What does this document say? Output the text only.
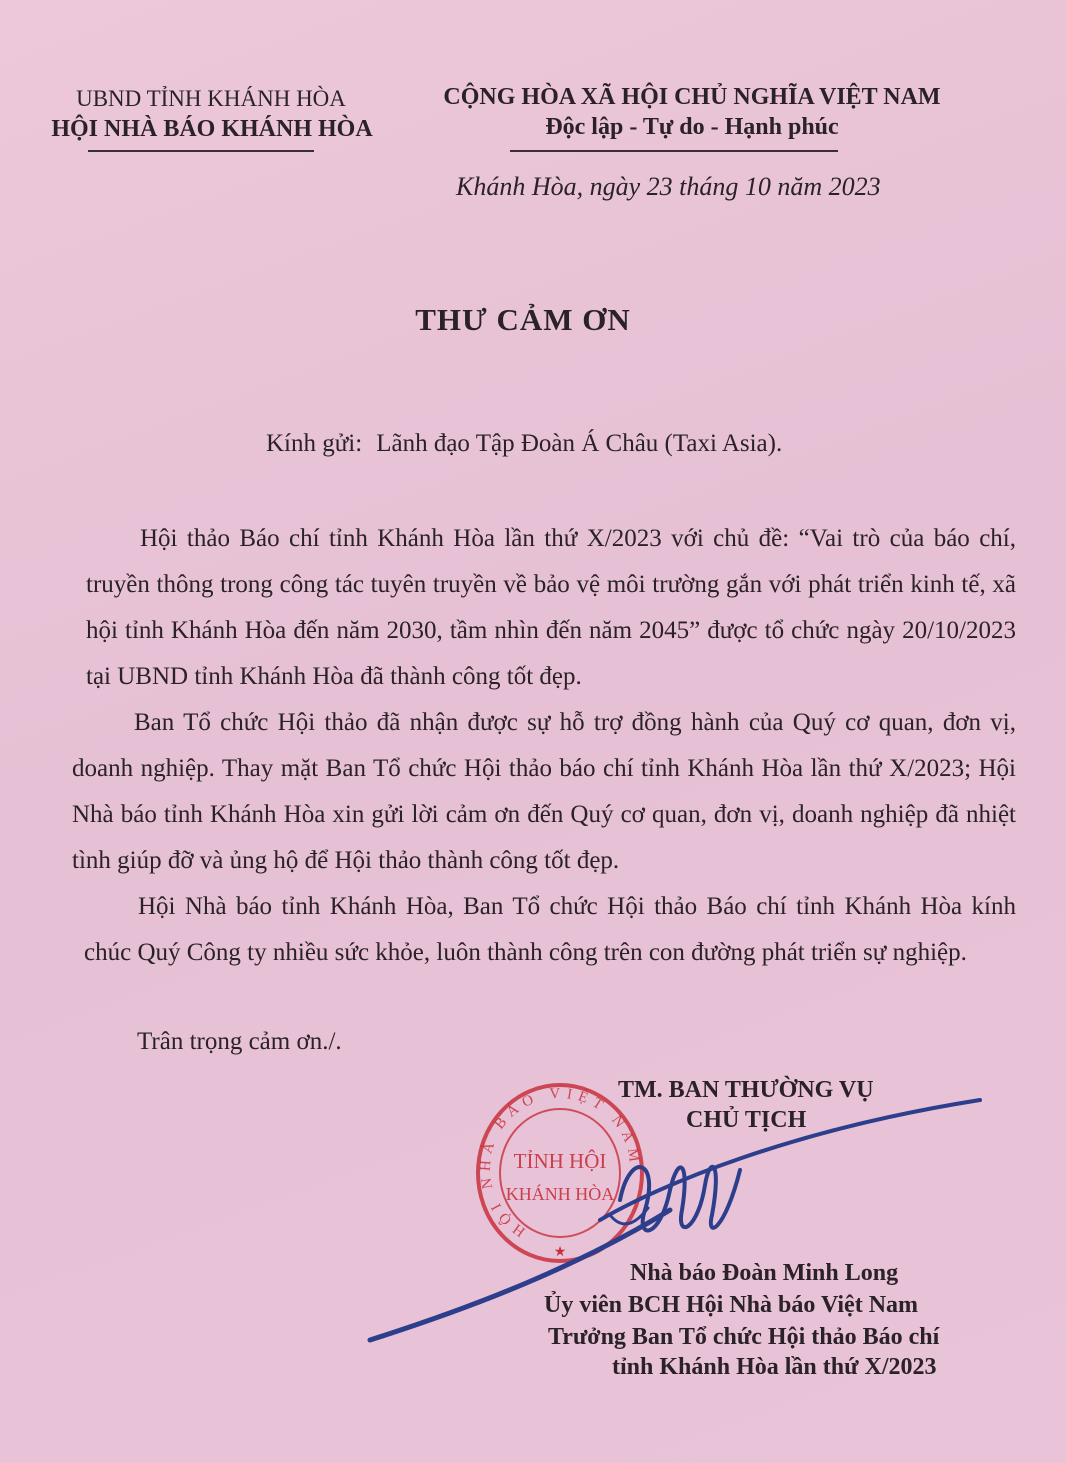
UBND TỈNH KHÁNH HÒA
HỘI NHÀ BÁO KHÁNH HÒA
CỘNG HÒA XÃ HỘI CHỦ NGHĨA VIỆT NAM
Độc lập - Tự do - Hạnh phúc
Khánh Hòa, ngày 23 tháng 10 năm 2023
THƯ CẢM ƠN
Kính gửi: Lãnh đạo Tập Đoàn Á Châu (Taxi Asia).
Hội thảo Báo chí tỉnh Khánh Hòa lần thứ X/2023 với chủ đề: “Vai trò của báo chí, truyền thông trong công tác tuyên truyền về bảo vệ môi trường gắn với phát triển kinh tế, xã hội tỉnh Khánh Hòa đến năm 2030, tầm nhìn đến năm 2045” được tổ chức ngày 20/10/2023 tại UBND tỉnh Khánh Hòa đã thành công tốt đẹp.
Ban Tổ chức Hội thảo đã nhận được sự hỗ trợ đồng hành của Quý cơ quan, đơn vị, doanh nghiệp. Thay mặt Ban Tổ chức Hội thảo báo chí tỉnh Khánh Hòa lần thứ X/2023; Hội Nhà báo tỉnh Khánh Hòa xin gửi lời cảm ơn đến Quý cơ quan, đơn vị, doanh nghiệp đã nhiệt tình giúp đỡ và ủng hộ để Hội thảo thành công tốt đẹp.
Hội Nhà báo tỉnh Khánh Hòa, Ban Tổ chức Hội thảo Báo chí tỉnh Khánh Hòa kính chúc Quý Công ty nhiều sức khỏe, luôn thành công trên con đường phát triển sự nghiệp.
Trân trọng cảm ơn./.
HỘI NHÀ BÁO VIỆT NAM
TỈNH HỘI
KHÁNH HÒA
★
TM. BAN THƯỜNG VỤ
CHỦ TỊCH
Nhà báo Đoàn Minh Long
Ủy viên BCH Hội Nhà báo Việt Nam
Trưởng Ban Tổ chức Hội thảo Báo chí
tỉnh Khánh Hòa lần thứ X/2023
